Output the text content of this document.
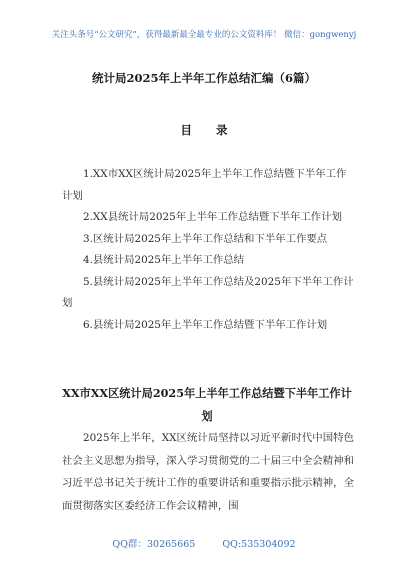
关注头条号“公文研究”，获得最新最全最专业的公文资料库！ 微信：gongwenyj
统计局2025年上半年工作总结汇编（6篇）
目 录

1.XX市XX区统计局2025年上半年工作总结暨下半年工作计划

2.XX县统计局2025年上半年工作总结暨下半年工作计划

3.区统计局2025年上半年工作总结和下半年工作要点

4.县统计局2025年上半年工作总结

5.县统计局2025年上半年工作总结及2025年下半年工作计划

6.县统计局2025年上半年工作总结暨下半年工作计划

XX市XX区统计局2025年上半年工作总结暨下半年工作计划

2025年上半年，XX区统计局坚持以习近平新时代中国特色社会主义思想为指导，深入学习贯彻党的二十届三中全会精神和习近平总书记关于统计工作的重要讲话和重要指示批示精神，全面贯彻落实区委经济工作会议精神，围

QQ群：30265665	QQ:535304092
